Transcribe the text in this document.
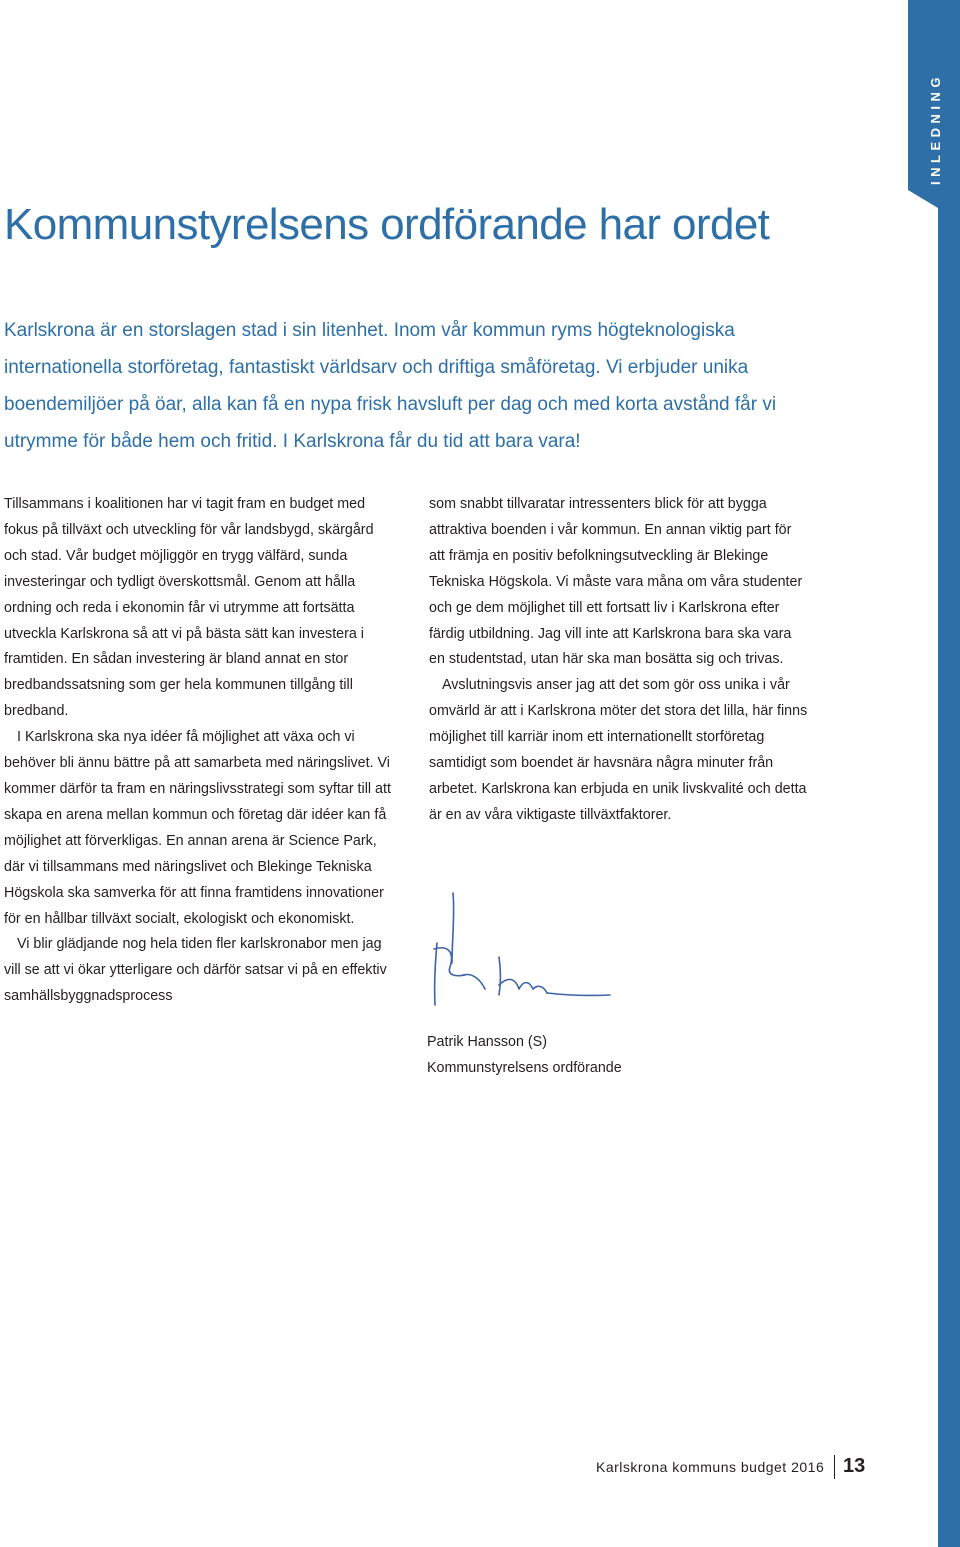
INLEDNING
Kommunstyrelsens ordförande har ordet

Karlskrona är en storslagen stad i sin litenhet. Inom vår kommun ryms högteknologiska internationella storföretag, fantastiskt världsarv och driftiga småföretag. Vi erbjuder unika boendemiljöer på öar, alla kan få en nypa frisk havsluft per dag och med korta avstånd får vi utrymme för både hem och fritid. I Karlskrona får du tid att bara vara!

Tillsammans i koalitionen har vi tagit fram en budget med fokus på tillväxt och utveckling för vår landsbygd, skärgård och stad. Vår budget möjliggör en trygg välfärd, sunda investeringar och tydligt överskottsmål. Genom att hålla ordning och reda i ekonomin får vi utrymme att fortsätta utveckla Karlskrona så att vi på bästa sätt kan investera i framtiden. En sådan investering är bland annat en stor bredbandssatsning som ger hela kommunen tillgång till bredband.

I Karlskrona ska nya idéer få möjlighet att växa och vi behöver bli ännu bättre på att samarbeta med näringslivet. Vi kommer därför ta fram en näringslivsstrategi som syftar till att skapa en arena mellan kommun och företag där idéer kan få möjlighet att förverkligas. En annan arena är Science Park, där vi tillsammans med näringslivet och Blekinge Tekniska Högskola ska samverka för att finna framtidens innovationer för en hållbar tillväxt socialt, ekologiskt och ekonomiskt.

Vi blir glädjande nog hela tiden fler karlskronabor men jag vill se att vi ökar ytterligare och därför satsar vi på en effektiv samhällsbyggnadsprocess

som snabbt tillvaratar intressenters blick för att bygga attraktiva boenden i vår kommun. En annan viktig part för att främja en positiv befolkningsutveckling är Blekinge Tekniska Högskola. Vi måste vara måna om våra studenter och ge dem möjlighet till ett fortsatt liv i Karlskrona efter färdig utbildning. Jag vill inte att Karlskrona bara ska vara en studentstad, utan här ska man bosätta sig och trivas.

Avslutningsvis anser jag att det som gör oss unika i vår omvärld är att i Karlskrona möter det stora det lilla, här finns möjlighet till karriär inom ett internationellt storföretag samtidigt som boendet är havsnära några minuter från arbetet. Karlskrona kan erbjuda en unik livskvalité och detta är en av våra viktigaste tillväxtfaktorer.

Patrik Hansson (S)
Kommunstyrelsens ordförande
Karlskrona kommuns budget 2016 13
